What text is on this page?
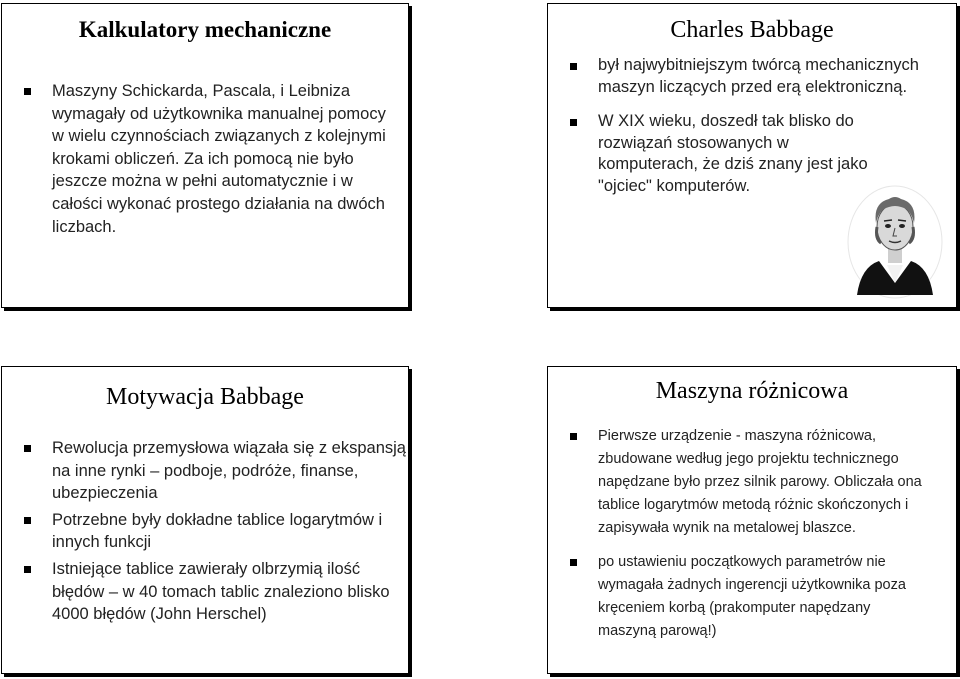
Kalkulatory mechaniczne
Maszyny Schickarda, Pascala, i Leibniza wymagały od użytkownika manualnej pomocy w wielu czynnościach związanych z kolejnymi krokami obliczeń. Za ich pomocą nie było jeszcze można w pełni automatycznie i w całości wykonać prostego działania na dwóch liczbach.
Charles Babbage
był najwybitniejszym twórcą mechanicznych maszyn liczących przed erą elektroniczną.
W XIX wieku, doszedł tak blisko do rozwiązań stosowanych w komputerach, że dziś znany jest jako "ojciec" komputerów.
Motywacja Babbage
Rewolucja przemysłowa wiązała się z ekspansją na inne rynki – podboje, podróże, finanse, ubezpieczenia
Potrzebne były dokładne tablice logarytmów i innych funkcji
Istniejące tablice zawierały olbrzymią ilość błędów – w 40 tomach tablic znaleziono blisko 4000 błędów (John Herschel)
Maszyna różnicowa
Pierwsze urządzenie - maszyna różnicowa, zbudowane według jego projektu technicznego napędzane było przez silnik parowy. Obliczała ona tablice logarytmów metodą różnic skończonych i zapisywała wynik na metalowej blaszce.
po ustawieniu początkowych parametrów nie wymagała żadnych ingerencji użytkownika poza kręceniem korbą (prakomputer napędzany maszyną parową!)
